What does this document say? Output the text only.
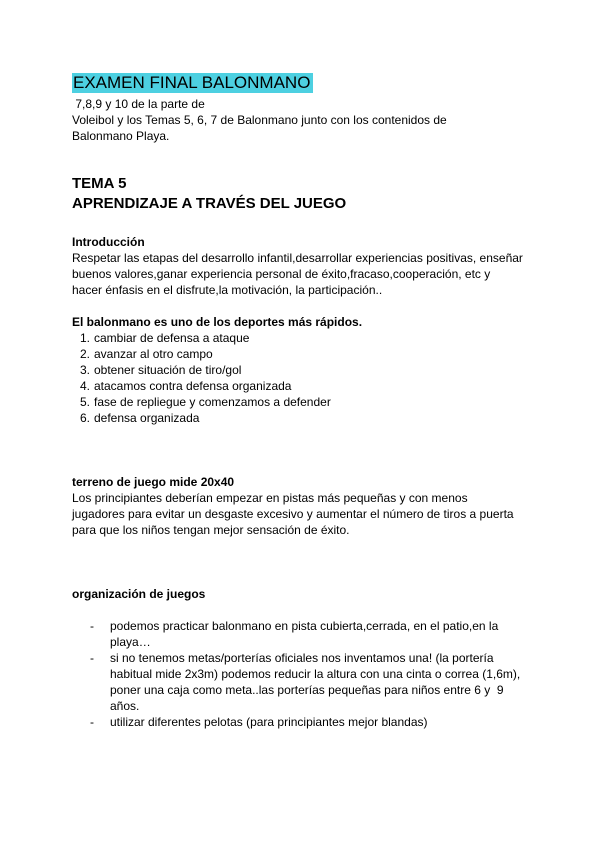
EXAMEN FINAL BALONMANO
7,8,9 y 10 de la parte de
Voleibol y los Temas 5, 6, 7 de Balonmano junto con los contenidos de
Balonmano Playa.
TEMA 5
APRENDIZAJE A TRAVÉS DEL JUEGO
Introducción
Respetar las etapas del desarrollo infantil,desarrollar experiencias positivas, enseñar
buenos valores,ganar experiencia personal de éxito,fracaso,cooperación, etc y
hacer énfasis en el disfrute,la motivación, la participación..
El balonmano es uno de los deportes más rápidos.
1. cambiar de defensa a ataque
2. avanzar al otro campo
3. obtener situación de tiro/gol
4. atacamos contra defensa organizada
5. fase de repliegue y comenzamos a defender
6. defensa organizada
terreno de juego mide 20x40
Los principiantes deberían empezar en pistas más pequeñas y con menos
jugadores para evitar un desgaste excesivo y aumentar el número de tiros a puerta
para que los niños tengan mejor sensación de éxito.
organización de juegos
- podemos practicar balonmano en pista cubierta,cerrada, en el patio,en la
playa…
- si no tenemos metas/porterías oficiales nos inventamos una! (la portería
habitual mide 2x3m) podemos reducir la altura con una cinta o correa (1,6m),
poner una caja como meta..las porterías pequeñas para niños entre 6 y  9
años.
- utilizar diferentes pelotas (para principiantes mejor blandas)
